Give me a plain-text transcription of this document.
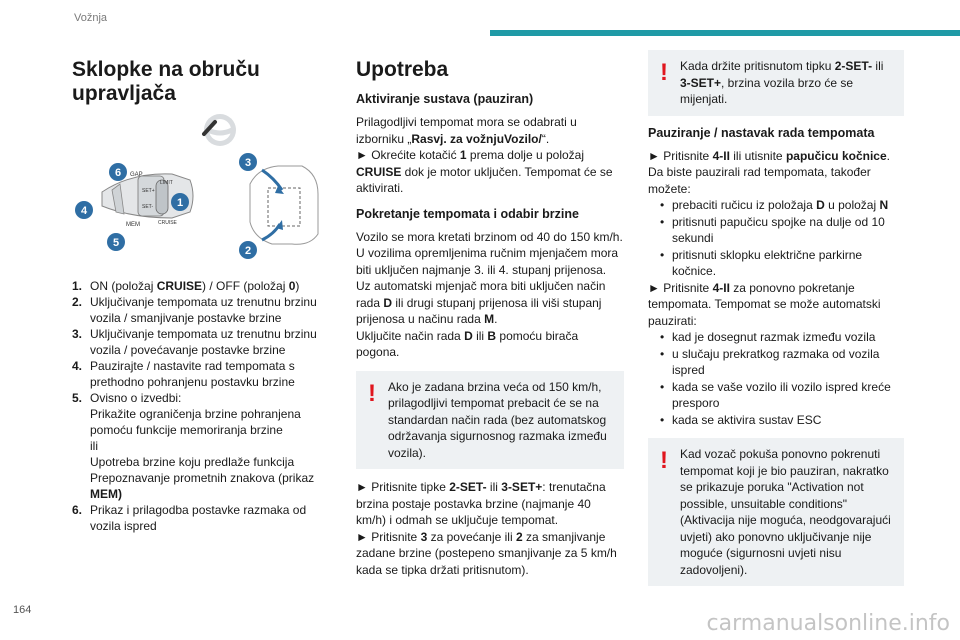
Vožnja
Sklopke na obruču upravljača
GAP
MEM
LIMIT
CRUISE
SET+
SET-
6
4
5
1
3
2
1. ON (položaj CRUISE) / OFF (položaj 0)
2. Uključivanje tempomata uz trenutnu brzinu vozila / smanjivanje postavke brzine
3. Uključivanje tempomata uz trenutnu brzinu vozila / povećavanje postavke brzine
4. Pauzirajte / nastavite rad tempomata s prethodno pohranjenu postavku brzine
5. Ovisno o izvedbi:
Prikažite ograničenja brzine pohranjena pomoću funkcije memoriranja brzine
ili
Upotreba brzine koju predlaže funkcija Prepoznavanje prometnih znakova (prikaz MEM)
6. Prikaz i prilagodba postavke razmaka od vozila ispred
Upotreba
Aktiviranje sustava (pauziran)

Prilagodljivi tempomat mora se odabrati u izborniku „Rasvj. za vožnjuVozilo/“.
► Okrećite kotačić 1 prema dolje u položaj
CRUISE dok je motor uključen. Tempomat će se aktivirati.

Pokretanje tempomata i odabir brzine

Vozilo se mora kretati brzinom od 40 do 150 km/h.
U vozilima opremljenima ručnim mjenjačem mora biti uključen najmanje 3. ili 4. stupanj prijenosa.
Uz automatski mjenjač mora biti uključen način rada D ili drugi stupanj prijenosa ili viši stupanj prijenosa u načinu rada M.
Uključite način rada D ili B pomoću birača pogona.

!	Ako je zadana brzina veća od 150 km/h, prilagodljivi tempomat prebacit će se na standardan način rada (bez automatskog održavanja sigurnosnog razmaka između vozila).

► Pritisnite tipke 2-SET- ili 3-SET+: trenutačna brzina postaje postavka brzine (najmanje 40 km/h) i odmah se uključuje tempomat.
► Pritisnite 3 za povećanje ili 2 za smanjivanje zadane brzine (postepeno smanjivanje za 5 km/h kada se tipka držati pritisnutom).

!	Kada držite pritisnutom tipku 2-SET- ili 3-SET+, brzina vozila brzo će se mijenjati.
Pauziranje / nastavak rada tempomata

► Pritisnite 4-II ili utisnite papučicu kočnice.
Da biste pauzirali rad tempomata, također možete:

• prebaciti ručicu iz položaja D u položaj N
• pritisnuti papučicu spojke na dulje od 10 sekundi
• pritisnuti sklopku električne parkirne kočnice.

► Pritisnite 4-II za ponovno pokretanje tempomata. Tempomat se može automatski pauzirati:

• kad je dosegnut razmak između vozila
• u slučaju prekratkog razmaka od vozila ispred
• kada se vaše vozilo ili vozilo ispred kreće presporo
• kada se aktivira sustav ESC
!	Kad vozač pokuša ponovno pokrenuti tempomat koji je bio pauziran, nakratko se prikazuje poruka "Activation not possible, unsuitable conditions" (Aktivacija nije moguća, neodgovarajući uvjeti) ako ponovno uključivanje nije moguće (sigurnosni uvjeti nisu zadovoljeni).
164
carmanualsonline.info
